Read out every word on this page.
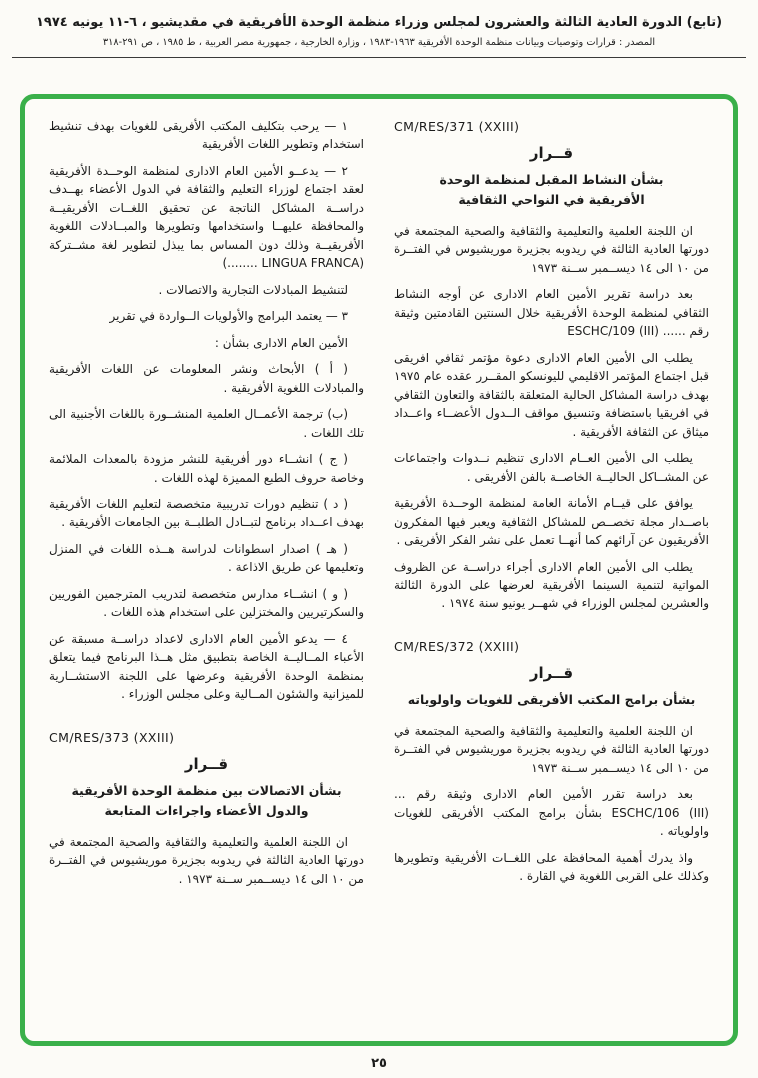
(تابع) الدورة العادية الثالثة والعشرون لمجلس وزراء منظمة الوحدة الأفريقية في مقديشيو ، ٦-١١ يونيه ١٩٧٤
المصدر : قرارات وتوصيات وبيانات منظمة الوحدة الأفريقية ١٩٦٣-١٩٨٣ ، وزارة الخارجية ، جمهورية مصر العربية ، ط ١٩٨٥ ، ص ٢٩١-٣١٨
CM/RES/371 (XXIII)
قــرار
بشأن النشاط المقبل لمنظمة الوحدة
الأفريقية في النواحي الثقافية

ان اللجنة العلمية والتعليمية والثقافية والصحية المجتمعة في دورتها العادية الثالثة في ريدوبه بجزيرة موريشيوس في الفتــرة من ١٠ الى ١٤ ديســمبر ســنة ١٩٧٣

بعد دراسة تقرير الأمين العام الادارى عن أوجه النشاط الثقافي لمنظمة الوحدة الأفريقية خلال السنتين القادمتين وثيقة رقم ...... ESCHC/109 (III)

يطلب الى الأمين العام الادارى دعوة مؤتمر ثقافي افريقى قبل اجتماع المؤتمر الاقليمي لليونسكو المقــرر عقده عام ١٩٧٥ بهدف دراسة المشاكل الحالية المتعلقة بالثقافة والتعاون الثقافي في افريقيا باستضافة وتنسيق مواقف الــدول الأعضــاء واعــداد ميثاق عن الثقافة الأفريقية .

يطلب الى الأمين العــام الادارى تنظيم نــدوات واجتماعات عن المشــاكل الحاليــة الخاصــة بالفن الأفريقى .

يوافق على قيــام الأمانة العامة لمنظمة الوحــدة الأفريقية باصــدار مجلة تخصــص للمشاكل الثقافية ويعبر فيها المفكرون الأفريقيون عن آرائهم كما أنهــا تعمل على نشر الفكر الأفريقى .

يطلب الى الأمين العام الادارى أجراء دراســة عن الظروف المواتية لتنمية السينما الأفريقية لعرضها على الدورة الثالثة والعشرين لمجلس الوزراء في شهــر يونيو سنة ١٩٧٤ .

CM/RES/372 (XXIII)
قــرار
بشأن برامج المكتب الأفريقى للغويات واولوياته

ان اللجنة العلمية والتعليمية والثقافية والصحية المجتمعة في دورتها العادية الثالثة في ريدوبه بجزيرة موريشيوس في الفتــرة من ١٠ الى ١٤ ديســمبر ســنة ١٩٧٣

بعد دراسة تقرر الأمين العام الادارى وثيقة رقم ... ESCHC/106 (III) بشأن برامج المكتب الأفريقى للغويات واولوياته .

واذ يدرك أهمية المحافظة على اللغــات الأفريقية وتطويرها وكذلك على القربى اللغوية في القارة .

١ — يرحب بتكليف المكتب الأفريقى للغويات بهدف تنشيط استخدام وتطوير اللغات الأفريقية

٢ — يدعــو الأمين العام الادارى لمنظمة الوحــدة الأفريقية لعقد اجتماع لوزراء التعليم والثقافة في الدول الأعضاء بهــدف دراســة المشاكل الناتجة عن تحقيق اللغــات الأفريقيــة والمحافظة عليهــا واستخدامها وتطويرها والمبــادلات اللغوية الأفريقيــة وذلك دون المساس بما يبذل لتطوير لغة مشــتركة (LINGUA FRANCA ........)

لتنشيط المبادلات التجارية والاتصالات .

٣ — يعتمد البرامج والأولويات الــواردة في تقرير

الأمين العام الادارى بشأن :

( أ ) الأبحاث ونشر المعلومات عن اللغات الأفريقية والمبادلات اللغوية الأفريقية .

(ب) ترجمة الأعمــال العلمية المنشــورة باللغات الأجنبية الى تلك اللغات .

( ج ) انشــاء دور أفريقية للنشر مزودة بالمعدات الملائمة وخاصة حروف الطبع المميزة لهذه اللغات .

( د ) تنظيم دورات تدريبية متخصصة لتعليم اللغات الأفريقية بهدف اعــداد برنامج لتبــادل الطلبــة بين الجامعات الأفريقية .

( هـ ) اصدار اسطوانات لدراسة هــذه اللغات في المنزل وتعليمها عن طريق الاذاعة .

( و ) انشــاء مدارس متخصصة لتدريب المترجمين الفوريين والسكرتيريين والمختزلين على استخدام هذه اللغات .

٤ — يدعو الأمين العام الادارى لاعداد دراســة مسبقة عن الأعباء المــاليــة الخاصة بتطبيق مثل هــذا البرنامج فيما يتعلق بمنظمة الوحدة الأفريقية وعرضها على اللجنة الاستشــارية للميزانية والشئون المــالية وعلى مجلس الوزراء .

CM/RES/373 (XXIII)
قــرار
بشأن الاتصالات بين منظمة الوحدة الأفريقية
والدول الأعضاء واجراءات المتابعة

ان اللجنة العلمية والتعليمية والثقافية والصحية المجتمعة في دورتها العادية الثالثة في ريدوبه بجزيرة موريشيوس في الفتــرة من ١٠ الى ١٤ ديســمبر ســنة ١٩٧٣ .

٢٥
